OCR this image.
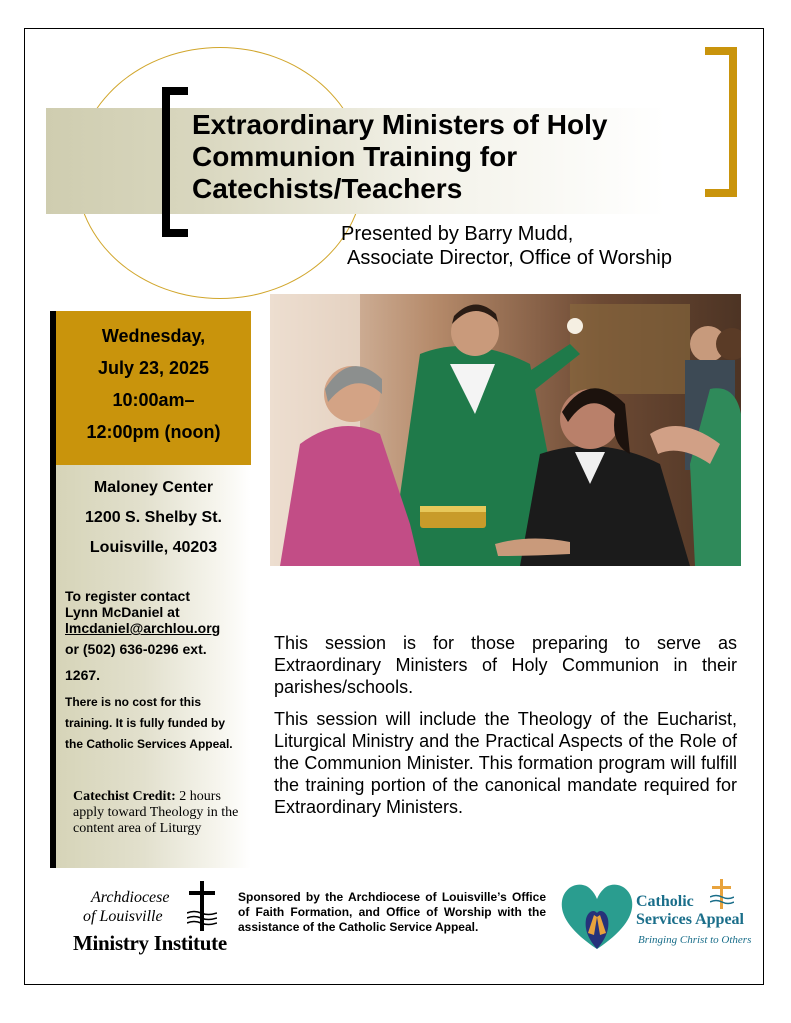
Extraordinary Ministers of Holy Communion Training for Catechists/Teachers
Presented by Barry Mudd,
Associate Director, Office of Worship
Wednesday,
July 23, 2025
10:00am–
12:00pm (noon)
Maloney Center
1200 S. Shelby St.
Louisville, 40203
To register contact
Lynn McDaniel at
lmcdaniel@archlou.org
or (502) 636-0296 ext.
1267.
There is no cost for this training. It is fully funded by the Catholic Services Appeal.
Catechist Credit: 2 hours apply toward Theology in the content area of Liturgy

This session is for those preparing to serve as Extraordinary Ministers of Holy Communion in their parishes/schools.

This session will include the Theology of the Eucharist, Liturgical Ministry and the Practical Aspects of the Role of the Communion Minister. This formation program will fulfill the training portion of the canonical mandate required for Extraordinary Ministers.

Archdiocese
of Louisville
Ministry Institute
Sponsored by the Archdiocese of Louisville’s Office of Faith Formation, and Office of Worship with the assistance of the Catholic Service Appeal.
Catholic
Services Appeal
Bringing Christ to Others
